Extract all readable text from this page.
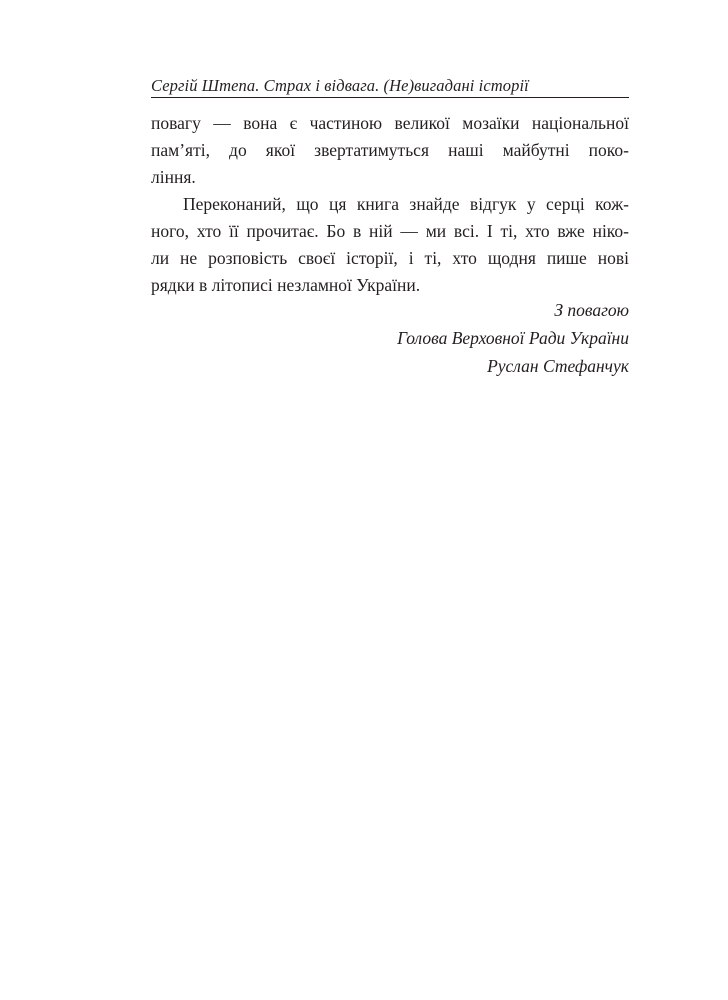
Сергій Штепа. Страх і відвага. (Не)вигадані історії
повагу — вона є частиною великої мозаїки національної
пам’яті, до якої звертатимуться наші майбутні поко-
ління.
Переконаний, що ця книга знайде відгук у серці кож-
ного, хто її прочитає. Бо в ній — ми всі. І ті, хто вже ніко-
ли не розповість своєї історії, і ті, хто щодня пише нові
рядки в літописі незламної України.
З повагою
Голова Верховної Ради України
Руслан Стефанчук
